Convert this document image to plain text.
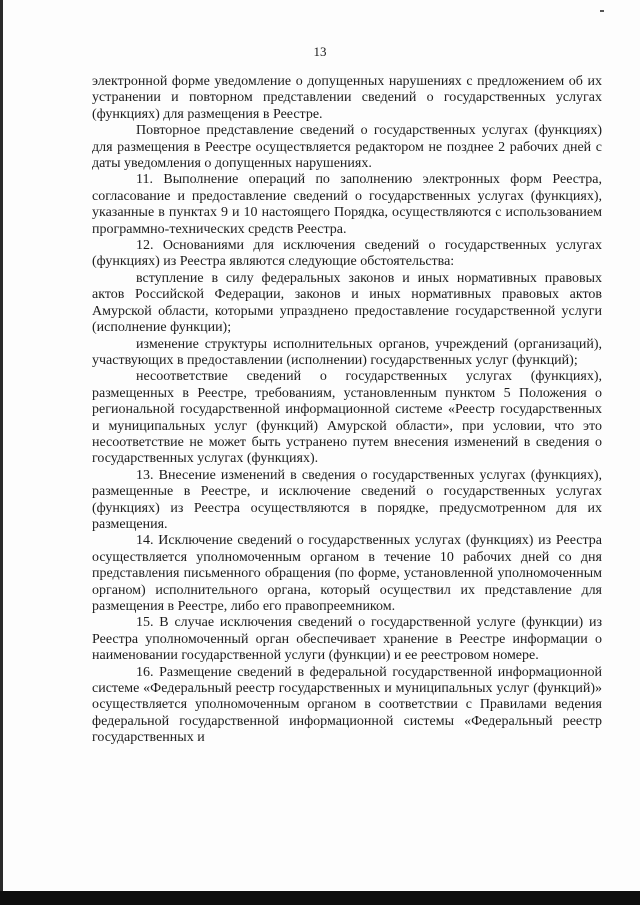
13

электронной форме уведомление о допущенных нарушениях с предложением об их устранении и повторном представлении сведений о государственных услугах (функциях) для размещения в Реестре.

Повторное представление сведений о государственных услугах (функциях) для размещения в Реестре осуществляется редактором не позднее 2 рабочих дней с даты уведомления о допущенных нарушениях.

11. Выполнение операций по заполнению электронных форм Реестра, согласование и предоставление сведений о государственных услугах (функциях), указанные в пунктах 9 и 10 настоящего Порядка, осуществляются с использованием программно-технических средств Реестра.

12. Основаниями для исключения сведений о государственных услугах (функциях) из Реестра являются следующие обстоятельства:

вступление в силу федеральных законов и иных нормативных правовых актов Российской Федерации, законов и иных нормативных правовых актов Амурской области, которыми упразднено предоставление государственной услуги (исполнение функции);

изменение структуры исполнительных органов, учреждений (организаций), участвующих в предоставлении (исполнении) государственных услуг (функций);

несоответствие сведений о государственных услугах (функциях), размещенных в Реестре, требованиям, установленным пунктом 5 Положения о региональной государственной информационной системе «Реестр государственных и муниципальных услуг (функций) Амурской области», при условии, что это несоответствие не может быть устранено путем внесения изменений в сведения о государственных услугах (функциях).

13. Внесение изменений в сведения о государственных услугах (функциях), размещенные в Реестре, и исключение сведений о государственных услугах (функциях) из Реестра осуществляются в порядке, предусмотренном для их размещения.

14. Исключение сведений о государственных услугах (функциях) из Реестра осуществляется уполномоченным органом в течение 10 рабочих дней со дня представления письменного обращения (по форме, установленной уполномоченным органом) исполнительного органа, который осуществил их представление для размещения в Реестре, либо его правопреемником.

15. В случае исключения сведений о государственной услуге (функции) из Реестра уполномоченный орган обеспечивает хранение в Реестре информации о наименовании государственной услуги (функции) и ее реестровом номере.

16. Размещение сведений в федеральной государственной информационной системе «Федеральный реестр государственных и муниципальных услуг (функций)» осуществляется уполномоченным органом в соответствии с Правилами ведения федеральной государственной информационной системы «Федеральный реестр государственных и
